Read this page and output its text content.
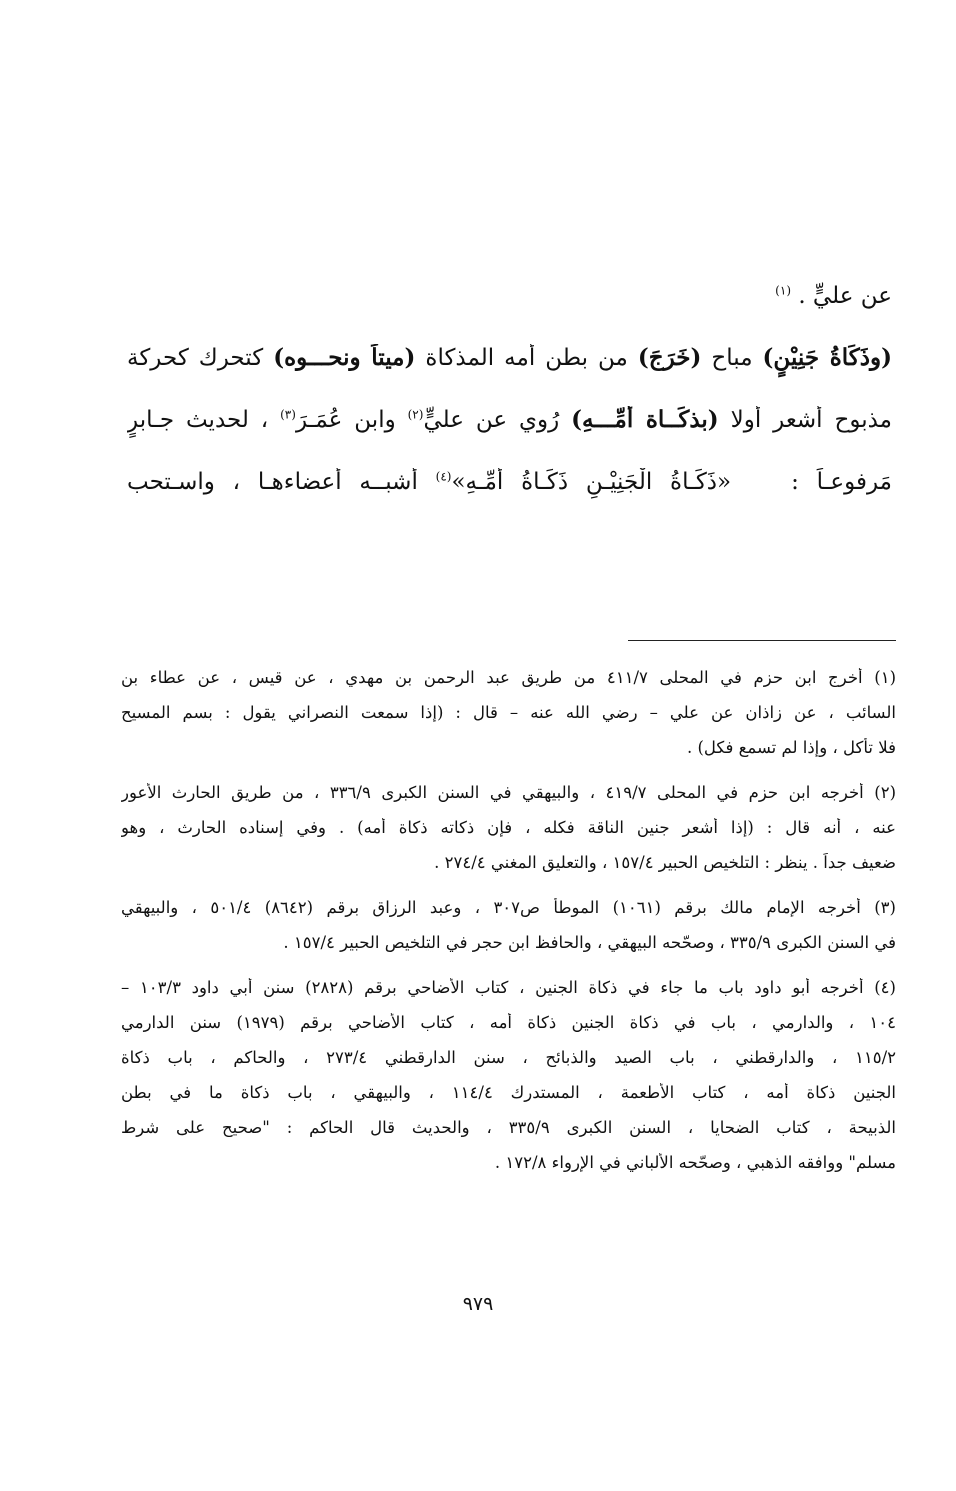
عن عليٍّ . $^{(١)}$
(وذَكَاةُ جَنِيْنٍ) مباح (خَرَجَ) من بطن أمه المذكاة (ميتاً ونحـــوه) كتحرك كحركة
مذبوح أشعر أولا (بذكَــاة أُمِّـــهِ) رُوي عن عليٍّ$^{(٢)}$ وابن عُمَـرَ$^{(٣)}$ ، لحديث جـابرٍ
مَرفوعـاً :«ذَكَـاةُ الْجَنِيْـنِ ذَكَـاةُ أُمِّـهِ»$^{(٤)}$ أشبــه أعضاءهـا ، واسـتحب
(١) أخرج ابن حزم في المحلى ٤١١/٧ من طريق عبد الرحمن بن مهدي ، عن قيس ، عن عطاء بن
السائب ، عن زاذان عن علي – رضي الله عنه – قال : (إذا سمعت النصراني يقول : بسم المسيح
فلا تأكل ، وإذا لم تسمع فكل) .
(٢) أخرجه ابن حزم في المحلى ٤١٩/٧ ، والبيهقي في السنن الكبرى ٣٣٦/٩ ، من طريق الحارث الأعور
عنه ، أنه قال : (إذا أشعر جنين الناقة فكله ، فإن ذكاته ذكاة أمه) . وفي إسناده الحارث ، وهو
ضعيف جداً . ينظر : التلخيص الحبير ١٥٧/٤ ، والتعليق المغني ٢٧٤/٤ .
(٣) أخرجه الإمام مالك برقم (١٠٦١) الموطأ ص٣٠٧ ، وعبد الرزاق برقم (٨٦٤٢) ٥٠١/٤ ، والبيهقي
في السنن الكبرى ٣٣٥/٩ ، وصحّحه البيهقي ، والحافظ ابن حجر في التلخيص الحبير ١٥٧/٤ .
(٤) أخرجه أبو داود باب ما جاء في ذكاة الجنين ، كتاب الأضاحي برقم (٢٨٢٨) سنن أبي داود ١٠٣/٣ –
١٠٤ ، والدارمي ، باب في ذكاة الجنين ذكاة أمه ، كتاب الأضاحي برقم (١٩٧٩) سنن الدارمي
١١٥/٢ ، والدارقطني ، باب الصيد والذبائح ، سنن الدارقطني ٢٧٣/٤ ، والحاكم ، باب ذكاة
الجنين ذكاة أمه ، كتاب الأطعمة ، المستدرك ١١٤/٤ ، والبيهقي ، باب ذكاة ما في بطن
الذبيحة ، كتاب الضحايا ، السنن الكبرى ٣٣٥/٩ ، والحديث قال الحاكم : "صحيح على شرط
مسلم" ووافقه الذهبي ، وصحّحه الألباني في الإرواء ١٧٢/٨ .
٩٧٩
